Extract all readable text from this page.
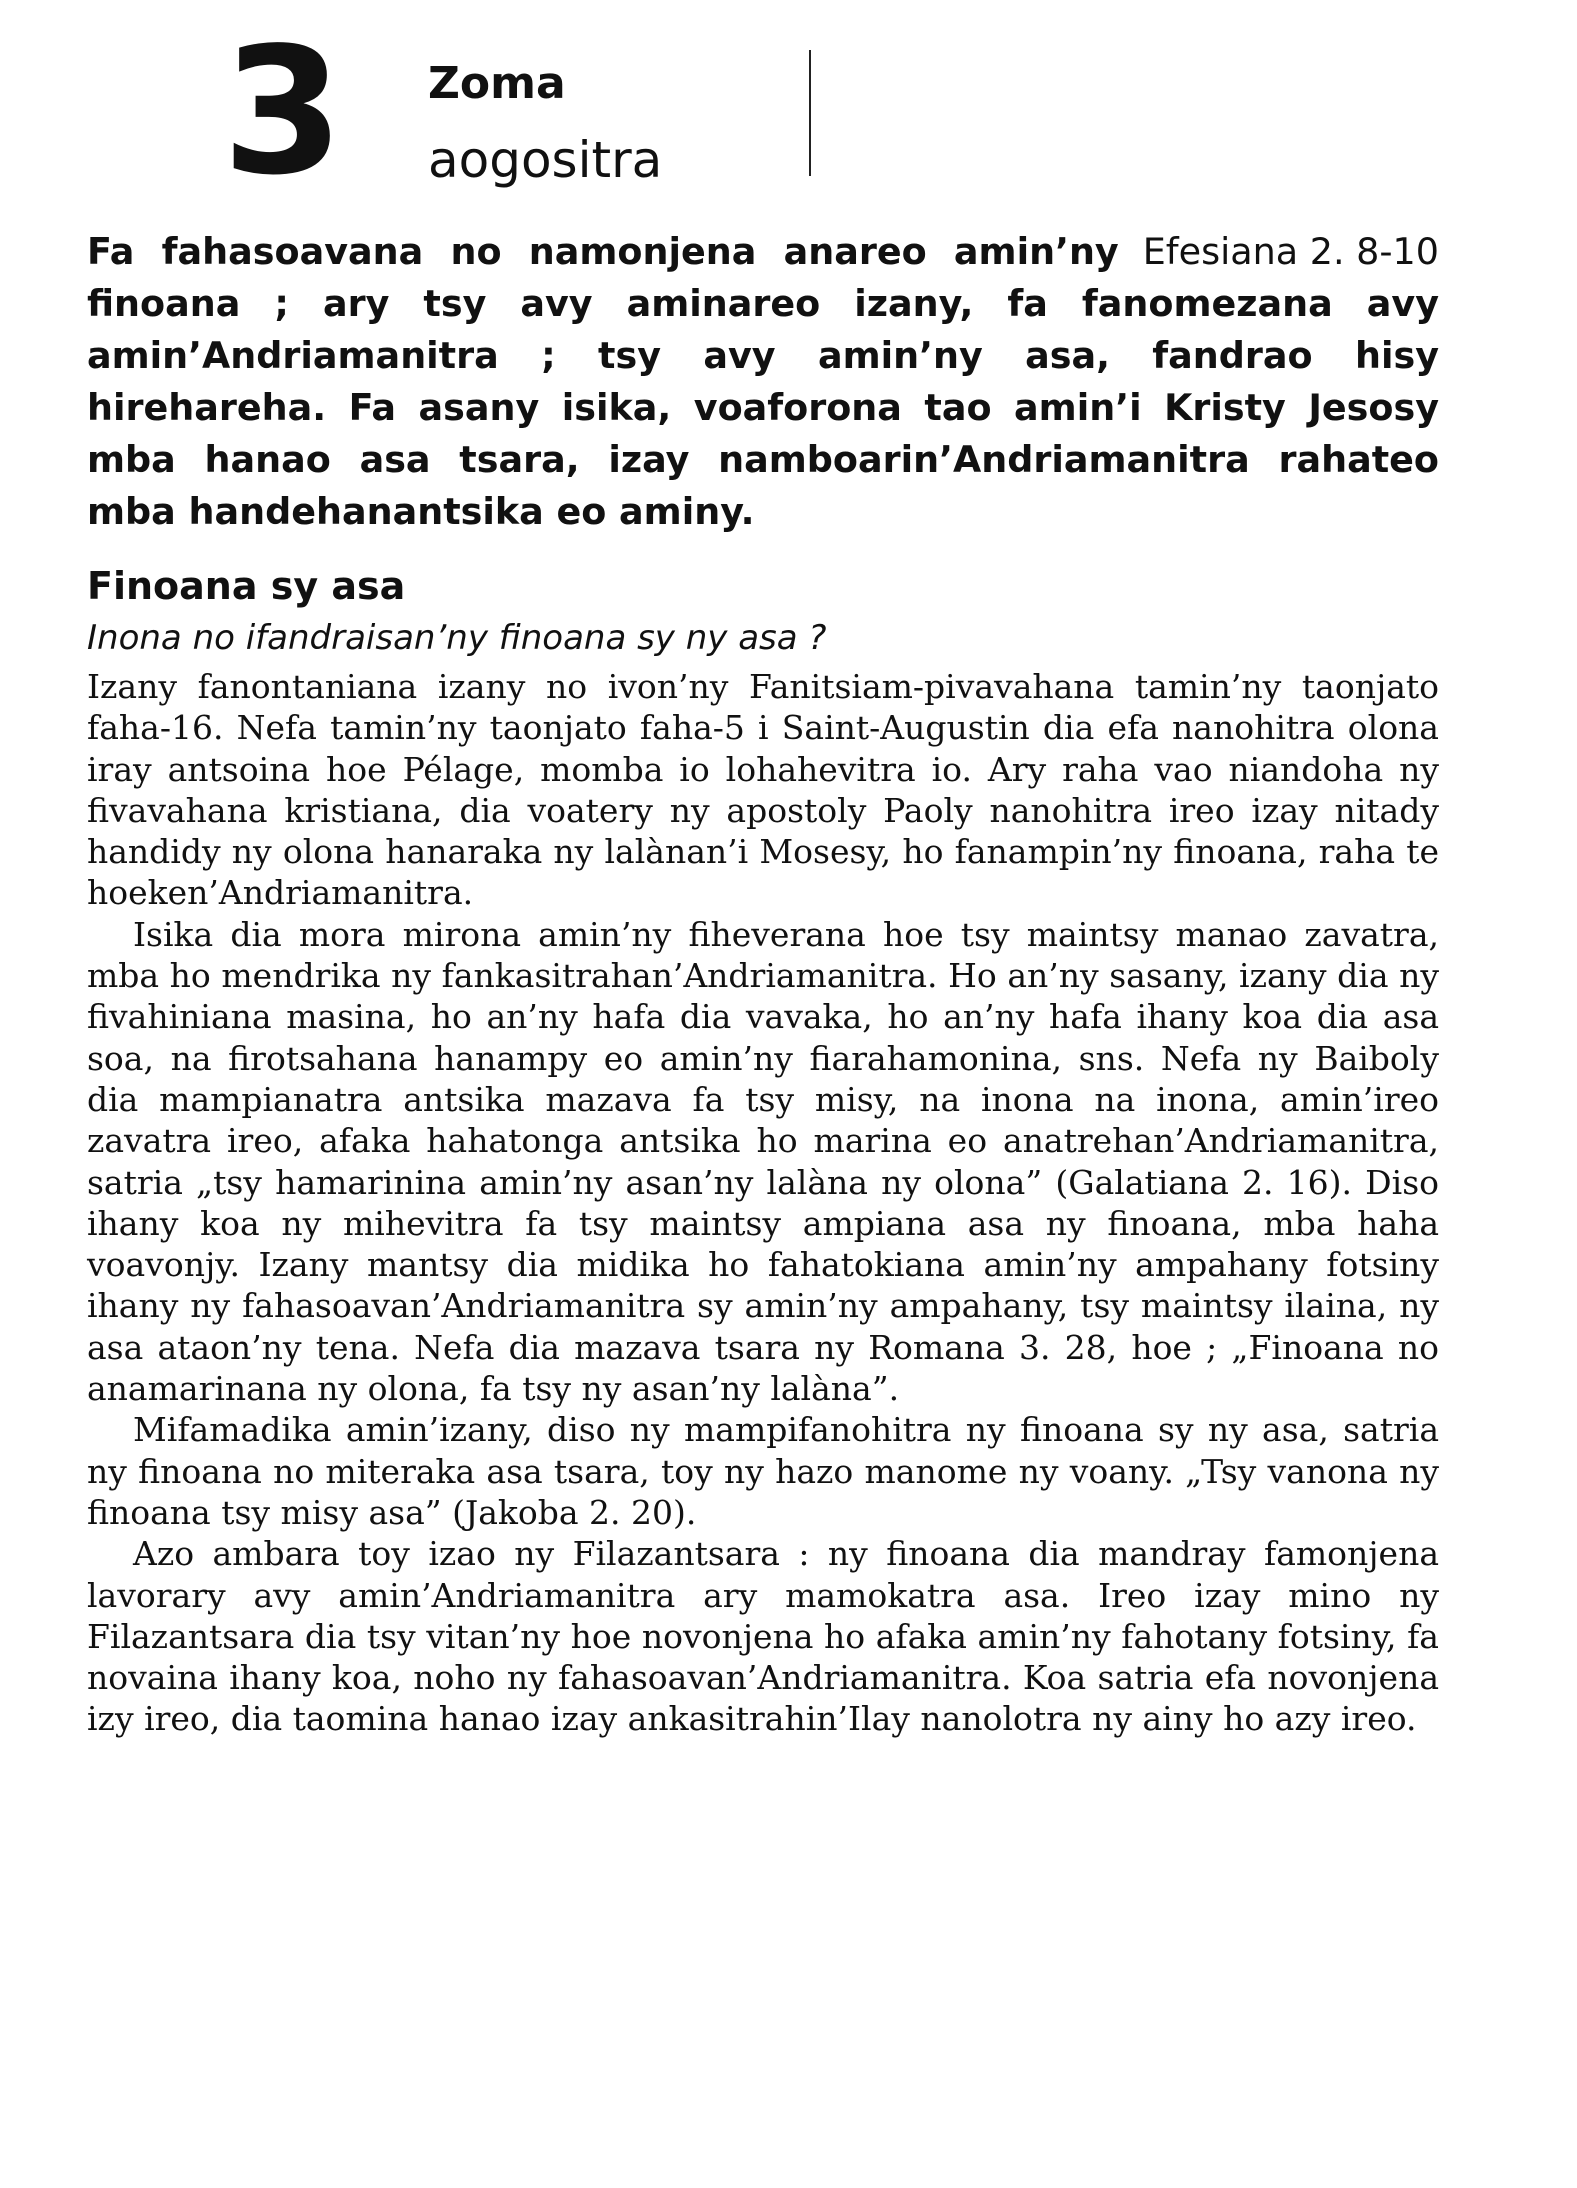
3 Zoma
aogositra
Efesiana 2. 8-10
Fa fahasoavana no namonjena anareo amin’ny finoana ; ary tsy avy aminareo izany, fa fanomezana avy amin’Andriamanitra ; tsy avy amin’ny asa, fandrao hisy hirehareha. Fa asany isika, voaforona tao amin’i Kristy Jesosy mba hanao asa tsara, izay namboarin’Andriamanitra rahateo mba handehanantsika eo aminy.
Finoana sy asa
Inona no ifandraisan’ny finoana sy ny asa ?

Izany fanontaniana izany no ivon’ny Fanitsiam-pivavahana tamin’ny taonjato faha-16. Nefa tamin’ny taonjato faha-5 i Saint-Augustin dia efa nanohitra olona iray antsoina hoe Pélage, momba io lohahevitra io. Ary raha vao niandoha ny fivavahana kristiana, dia voatery ny apostoly Paoly nanohitra ireo izay nitady handidy ny olona hanaraka ny lalànan’i Mosesy, ho fanampin’ny finoana, raha te hoeken’Andriamanitra.

Isika dia mora mirona amin’ny fiheverana hoe tsy maintsy manao zavatra, mba ho mendrika ny fankasitrahan’Andriamanitra. Ho an’ny sasany, izany dia ny fivahiniana masina, ho an’ny hafa dia vavaka, ho an’ny hafa ihany koa dia asa soa, na firotsahana hanampy eo amin’ny fiarahamonina, sns. Nefa ny Baiboly dia mampianatra antsika mazava fa tsy misy, na inona na inona, amin’ireo zavatra ireo, afaka hahatonga antsika ho marina eo anatrehan’Andriamanitra, satria „tsy hamarinina amin’ny asan’ny lalàna ny olona” (Galatiana 2. 16). Diso ihany koa ny mihevitra fa tsy maintsy ampiana asa ny finoana, mba haha voavonjy. Izany mantsy dia midika ho fahatokiana amin’ny ampahany fotsiny ihany ny fahasoavan’Andriamanitra sy amin’ny ampahany, tsy maintsy ilaina, ny asa ataon’ny tena. Nefa dia mazava tsara ny Romana 3. 28, hoe ; „Finoana no anamarinana ny olona, fa tsy ny asan’ny lalàna”.

Mifamadika amin’izany, diso ny mampifanohitra ny finoana sy ny asa, satria ny finoana no miteraka asa tsara, toy ny hazo manome ny voany. „Tsy vanona ny finoana tsy misy asa” (Jakoba 2. 20).

Azo ambara toy izao ny Filazantsara : ny finoana dia mandray famonjena lavorary avy amin’Andriamanitra ary mamokatra asa. Ireo izay mino ny Filazantsara dia tsy vitan’ny hoe novonjena ho afaka amin’ny fahotany fotsiny, fa novaina ihany koa, noho ny fahasoavan’Andriamanitra. Koa satria efa novonjena izy ireo, dia taomina hanao izay ankasitrahin’Ilay nanolotra ny ainy ho azy ireo.
